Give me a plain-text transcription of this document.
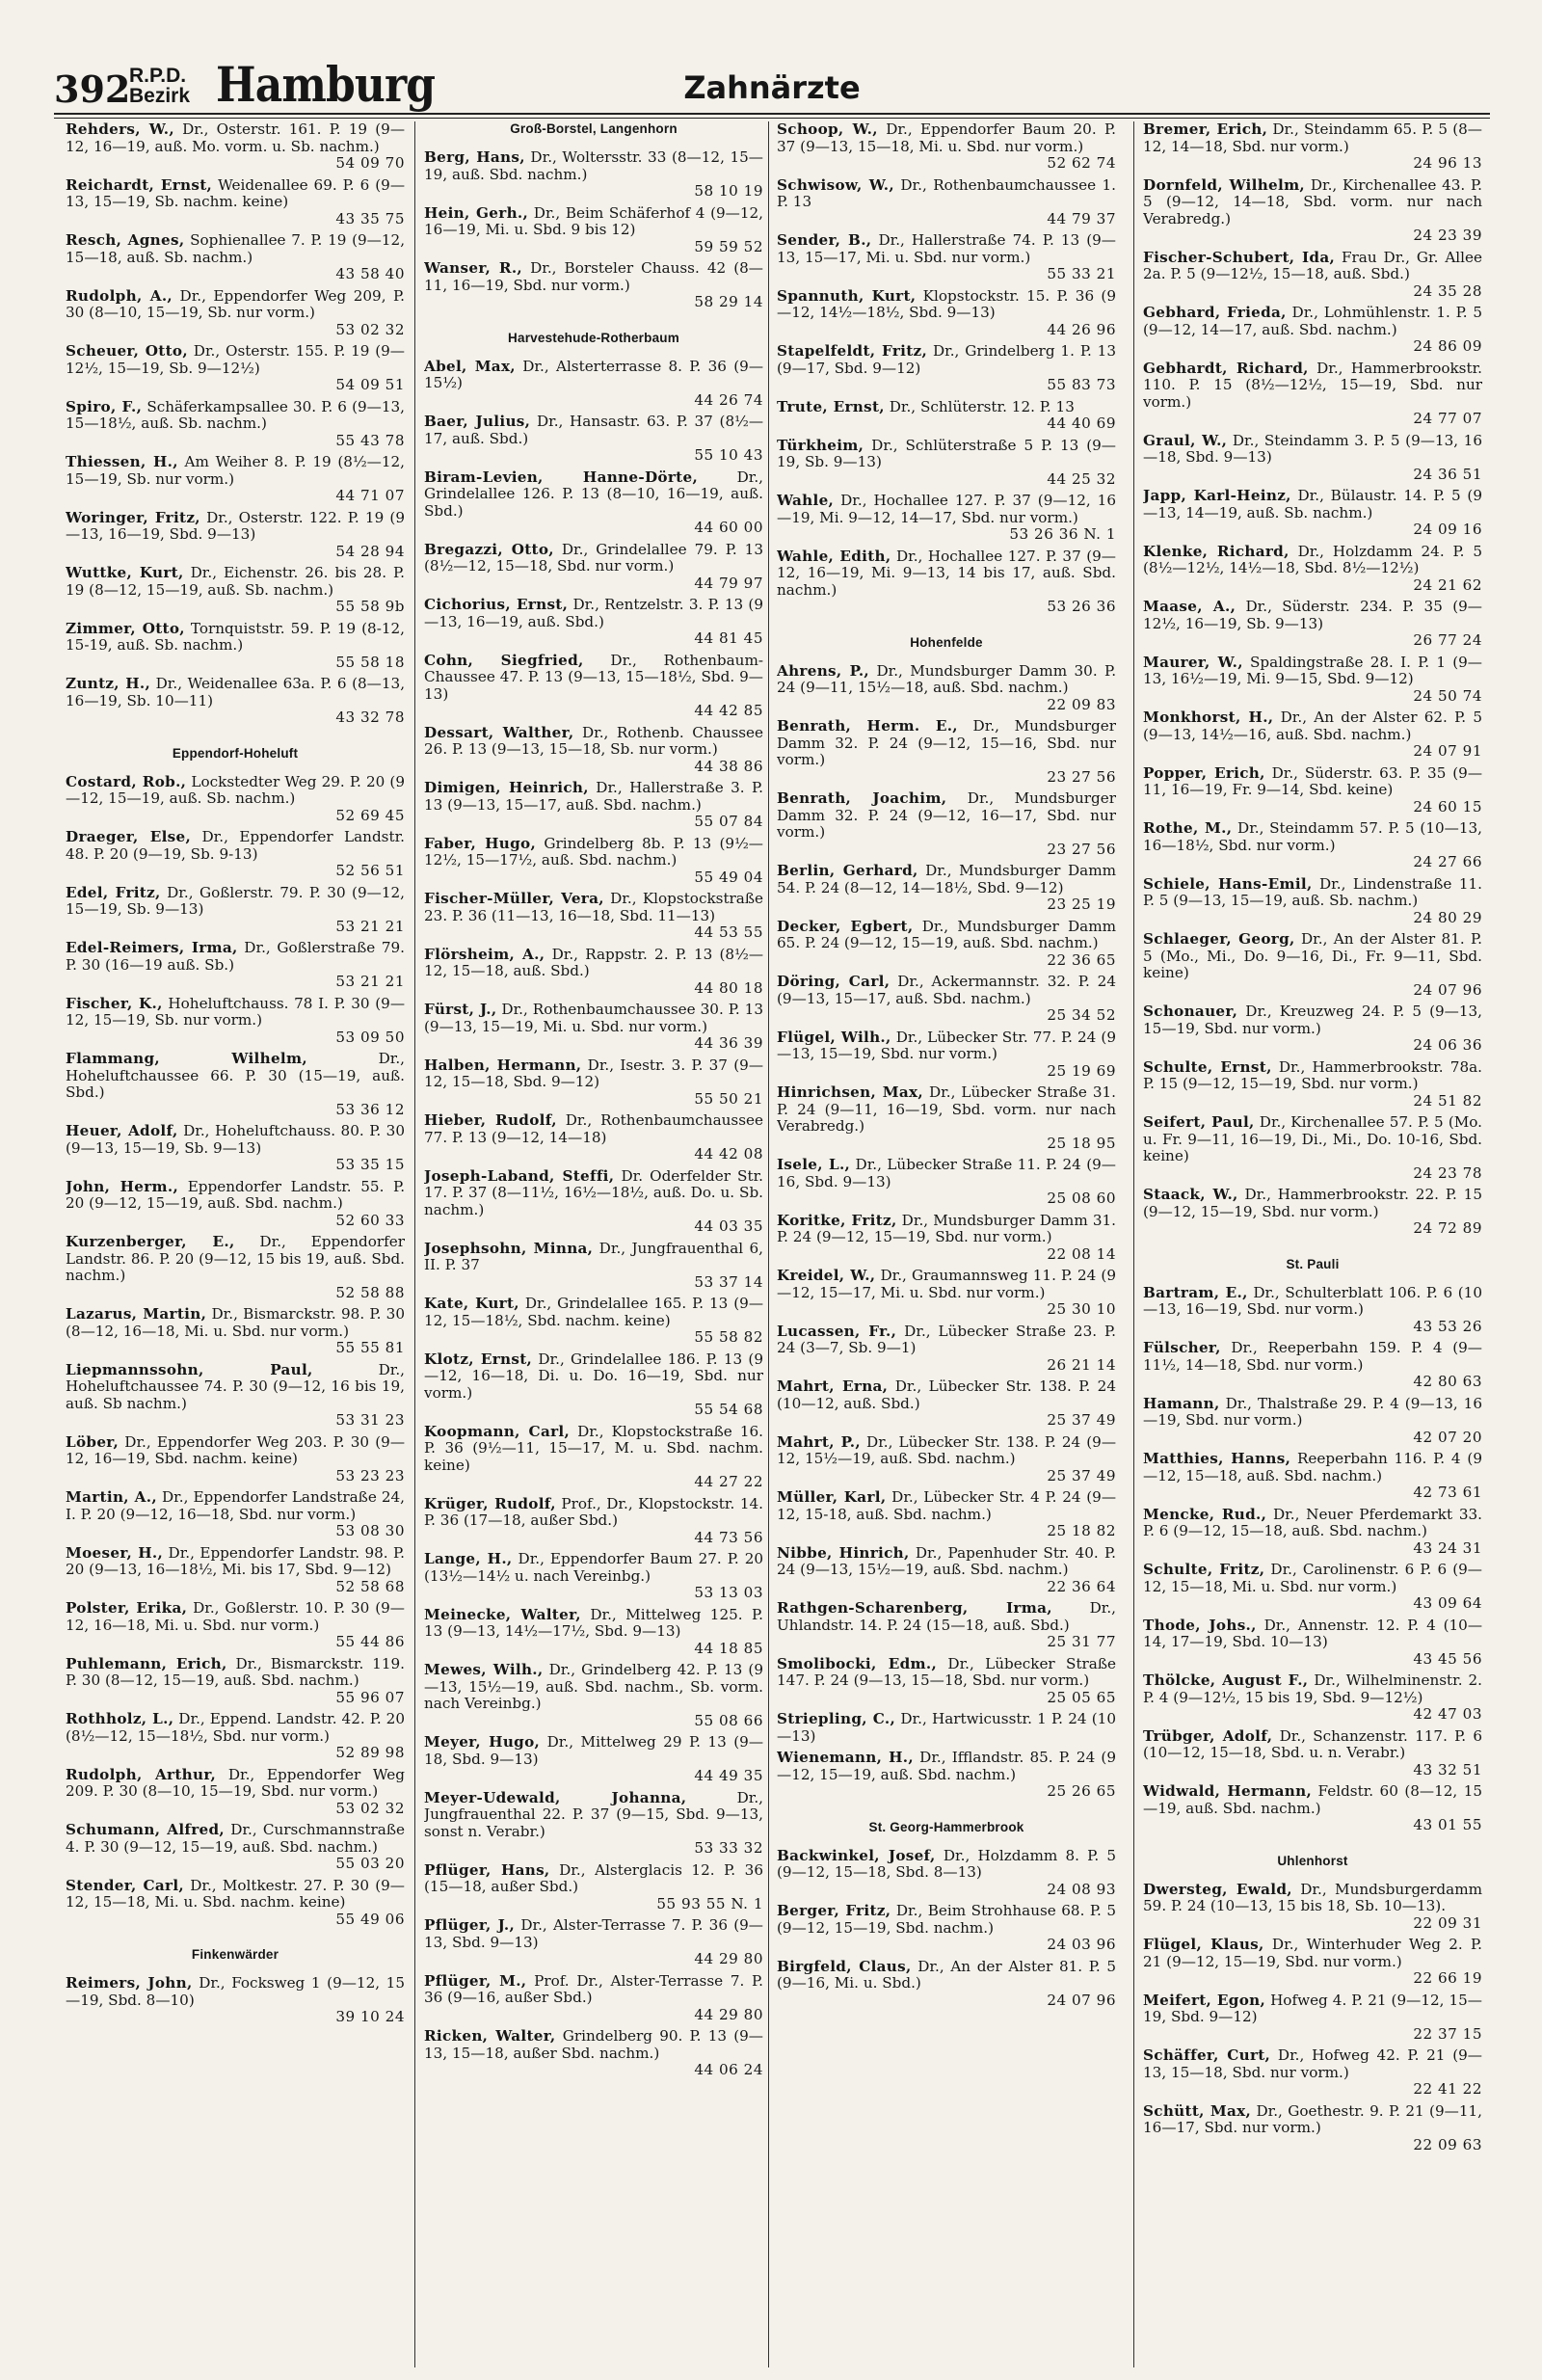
392
R.P.D.
Bezirk Hamburg	Zahnärzte
Rehders, W., Dr., Osterstr. 161. P. 19 (9—12, 16—19, auß. Mo. vorm. u. Sb. nachm.)
54 09 70
Reichardt, Ernst, Weidenallee 69. P. 6 (9—13, 15—19, Sb. nachm. keine)
43 35 75
Resch, Agnes, Sophienallee 7. P. 19 (9—12, 15—18, auß. Sb. nachm.)
43 58 40
Rudolph, A., Dr., Eppendorfer Weg 209, P. 30 (8—10, 15—19, Sb. nur vorm.)
53 02 32
Scheuer, Otto, Dr., Osterstr. 155. P. 19 (9—12½, 15—19, Sb. 9—12½)
54 09 51
Spiro, F., Schäferkampsallee 30. P. 6 (9—13, 15—18½, auß. Sb. nachm.)
55 43 78
Thiessen, H., Am Weiher 8. P. 19 (8½—12, 15—19, Sb. nur vorm.)
44 71 07
Woringer, Fritz, Dr., Osterstr. 122. P. 19 (9—13, 16—19, Sbd. 9—13)
54 28 94
Wuttke, Kurt, Dr., Eichenstr. 26. bis 28. P. 19 (8—12, 15—19, auß. Sb. nachm.)
55 58 9b
Zimmer, Otto, Tornquiststr. 59. P. 19 (8-12, 15-19, auß. Sb. nachm.)
55 58 18
Zuntz, H., Dr., Weidenallee 63a. P. 6 (8—13, 16—19, Sb. 10—11)
43 32 78
Eppendorf-Hoheluft
Costard, Rob., Lockstedter Weg 29. P. 20 (9—12, 15—19, auß. Sb. nachm.)
52 69 45
Draeger, Else, Dr., Eppendorfer Landstr. 48. P. 20 (9—19, Sb. 9-13)
52 56 51
Edel, Fritz, Dr., Goßlerstr. 79. P. 30 (9—12, 15—19, Sb. 9—13)
53 21 21
Edel-Reimers, Irma, Dr., Goßlerstraße 79. P. 30 (16—19 auß. Sb.)
53 21 21
Fischer, K., Hoheluftchauss. 78 I. P. 30 (9—12, 15—19, Sb. nur vorm.)
53 09 50
Flammang, Wilhelm,	Dr., Hoheluftchaussee 66. P. 30 (15—19, auß. Sbd.)
53 36 12
Heuer, Adolf, Dr., Hoheluftchauss. 80. P. 30 (9—13, 15—19, Sb. 9—13)
53 35 15
John, Herm., Eppendorfer Landstr. 55. P. 20 (9—12, 15—19, auß. Sbd. nachm.)
52 60 33
Kurzenberger, E., Dr., Eppendorfer Landstr. 86. P. 20 (9—12, 15 bis 19, auß. Sbd. nachm.)
52 58 88
Lazarus, Martin, Dr., Bismarckstr. 98. P. 30 (8—12, 16—18, Mi. u. Sbd. nur vorm.)
55 55 81
Liepmannssohn, Paul,	Dr., Hoheluftchaussee 74. P. 30 (9—12, 16 bis 19, auß. Sb nachm.)
53 31 23
Löber, Dr., Eppendorfer Weg 203. P. 30 (9—12, 16—19, Sbd. nachm. keine)
53 23 23
Martin, A., Dr., Eppendorfer Landstraße 24, I. P. 20 (9—12, 16—18, Sbd. nur vorm.)
53 08 30
Moeser, H., Dr., Eppendorfer Landstr. 98. P. 20 (9—13, 16—18½, Mi. bis 17, Sbd. 9—12)
52 58 68
Polster, Erika, Dr., Goßlerstr. 10. P. 30 (9—12, 16—18, Mi. u. Sbd. nur vorm.)
55 44 86
Puhlemann, Erich, Dr., Bismarckstr. 119. P. 30 (8—12, 15—19, auß. Sbd. nachm.)
55 96 07
Rothholz, L., Dr., Eppend. Landstr. 42. P. 20 (8½—12, 15—18½, Sbd. nur vorm.)
52 89 98
Rudolph, Arthur, Dr., Eppendorfer Weg 209. P. 30 (8—10, 15—19, Sbd. nur vorm.)
53 02 32
Schumann, Alfred, Dr., Curschmannstraße 4. P. 30 (9—12, 15—19, auß. Sbd. nachm.)
55 03 20
Stender, Carl, Dr., Moltkestr. 27. P. 30 (9—12, 15—18, Mi. u. Sbd. nachm. keine)
55 49 06
Finkenwärder
Reimers, John, Dr., Focksweg 1 (9—12, 15—19, Sbd. 8—10)
39 10 24
Groß-Borstel, Langenhorn
Berg, Hans, Dr., Woltersstr. 33 (8—12, 15—19, auß. Sbd. nachm.)
58 10 19
Hein, Gerh., Dr., Beim Schäferhof 4 (9—12, 16—19, Mi. u. Sbd. 9 bis 12)
59 59 52
Wanser, R., Dr., Borsteler Chauss. 42 (8—11, 16—19, Sbd. nur vorm.)
58 29 14
Harvestehude-Rotherbaum
Abel, Max, Dr., Alsterterrasse 8. P. 36 (9—15½)
44 26 74
Baer, Julius, Dr., Hansastr. 63. P. 37 (8½—17, auß. Sbd.)
55 10 43
Biram-Levien, Hanne-Dörte,	Dr., Grindelallee 126. P. 13 (8—10, 16—19, auß. Sbd.)
44 60 00
Bregazzi, Otto, Dr., Grindelallee 79. P. 13 (8½—12, 15—18, Sbd. nur vorm.)
44 79 97
Cichorius, Ernst, Dr., Rentzelstr. 3. P. 13 (9—13, 16—19, auß. Sbd.)
44 81 45
Cohn, Siegfried, Dr., Rothenbaum-Chaussee 47. P. 13 (9—13, 15—18½, Sbd. 9—13)
44 42 85
Dessart, Walther, Dr., Rothenb. Chaussee 26. P. 13 (9—13, 15—18, Sb. nur vorm.)
44 38 86
Dimigen, Heinrich, Dr., Hallerstraße 3. P. 13 (9—13, 15—17, auß. Sbd. nachm.)
55 07 84
Faber, Hugo, Grindelberg 8b. P. 13 (9½—12½, 15—17½, auß. Sbd. nachm.)
55 49 04
Fischer-Müller, Vera, Dr., Klopstockstraße 23. P. 36 (11—13, 16—18, Sbd. 11—13)
44 53 55
Flörsheim, A., Dr., Rappstr. 2. P. 13 (8½—12, 15—18, auß. Sbd.)
44 80 18
Fürst, J., Dr., Rothenbaumchaussee 30. P. 13 (9—13, 15—19, Mi. u. Sbd. nur vorm.)
44 36 39
Halben, Hermann, Dr., Isestr. 3. P. 37 (9—12, 15—18, Sbd. 9—12)
55 50 21
Hieber, Rudolf, Dr., Rothenbaumchaussee 77. P. 13 (9—12, 14—18)
44 42 08
Joseph-Laband, Steffi, Dr. Oderfelder Str. 17. P. 37 (8—11½, 16½—18½, auß. Do. u. Sb. nachm.)
44 03 35
Josephsohn, Minna, Dr., Jungfrauenthal 6, II. P. 37
53 37 14
Kate, Kurt, Dr., Grindelallee 165. P. 13 (9—12, 15—18½, Sbd. nachm. keine)
55 58 82
Klotz, Ernst, Dr., Grindelallee 186. P. 13 (9—12, 16—18, Di. u. Do. 16—19, Sbd. nur vorm.)
55 54 68
Koopmann, Carl, Dr., Klopstockstraße 16. P. 36 (9½—11, 15—17, M. u. Sbd. nachm. keine)
44 27 22
Krüger, Rudolf, Prof., Dr., Klopstockstr. 14. P. 36 (17—18, außer Sbd.)
44 73 56
Lange, H., Dr., Eppendorfer Baum 27. P. 20 (13½—14½ u. nach Vereinbg.)
53 13 03
Meinecke, Walter, Dr., Mittelweg 125. P. 13 (9—13, 14½—17½, Sbd. 9—13)
44 18 85
Mewes, Wilh., Dr., Grindelberg 42. P. 13 (9—13, 15½—19, auß. Sbd. nachm., Sb. vorm. nach Vereinbg.)
55 08 66
Meyer, Hugo, Dr., Mittelweg 29 P. 13 (9—18, Sbd. 9—13)
44 49 35
Meyer-Udewald, Johanna,	Dr., Jungfrauenthal 22. P. 37 (9—15, Sbd. 9—13, sonst n. Verabr.)
53 33 32
Pflüger, Hans, Dr., Alsterglacis 12. P. 36 (15—18, außer Sbd.)
55 93 55 N. 1
Pflüger, J., Dr., Alster-Terrasse 7. P. 36 (9—13, Sbd. 9—13)
44 29 80
Pflüger, M., Prof. Dr., Alster-Terrasse 7. P. 36 (9—16, außer Sbd.)
44 29 80
Ricken, Walter, Grindelberg 90. P. 13 (9—13, 15—18, außer Sbd. nachm.)
44 06 24
Schoop, W., Dr., Eppendorfer Baum 20. P. 37 (9—13, 15—18, Mi. u. Sbd. nur vorm.)
52 62 74
Schwisow, W., Dr., Rothenbaumchaussee 1. P. 13
44 79 37
Sender, B., Dr., Hallerstraße 74. P. 13 (9—13, 15—17, Mi. u. Sbd. nur vorm.)
55 33 21
Spannuth, Kurt, Klopstockstr. 15. P. 36 (9—12, 14½—18½, Sbd. 9—13)
44 26 96
Stapelfeldt, Fritz, Dr., Grindelberg 1. P. 13 (9—17, Sbd. 9—12)
55 83 73
Trute, Ernst, Dr., Schlüterstr. 12. P. 13
44 40 69
Türkheim, Dr., Schlüterstraße 5 P. 13 (9—19, Sb. 9—13)
44 25 32
Wahle, Dr., Hochallee 127. P. 37 (9—12, 16—19, Mi. 9—12, 14—17, Sbd. nur vorm.)
53 26 36 N. 1
Wahle, Edith, Dr., Hochallee 127. P. 37 (9—12, 16—19, Mi. 9—13, 14 bis 17, auß. Sbd. nachm.)
53 26 36
Hohenfelde
Ahrens, P., Dr., Mundsburger Damm 30. P. 24 (9—11, 15½—18, auß. Sbd. nachm.)
22 09 83
Benrath, Herm. E., Dr., Mundsburger Damm 32. P. 24 (9—12, 15—16, Sbd. nur vorm.)
23 27 56
Benrath, Joachim, Dr., Mundsburger Damm 32. P. 24 (9—12, 16—17, Sbd. nur vorm.)
23 27 56
Berlin, Gerhard, Dr., Mundsburger Damm 54. P. 24 (8—12, 14—18½, Sbd. 9—12)
23 25 19
Decker, Egbert, Dr., Mundsburger Damm 65. P. 24 (9—12, 15—19, auß. Sbd. nachm.)
22 36 65
Döring, Carl, Dr., Ackermannstr. 32. P. 24 (9—13, 15—17, auß. Sbd. nachm.)
25 34 52
Flügel, Wilh., Dr., Lübecker Str. 77. P. 24 (9—13, 15—19, Sbd. nur vorm.)
25 19 69
Hinrichsen, Max, Dr., Lübecker Straße 31. P. 24 (9—11, 16—19, Sbd. vorm. nur nach Verabredg.)
25 18 95
Isele, L., Dr., Lübecker Straße 11. P. 24 (9—16, Sbd. 9—13)
25 08 60
Koritke, Fritz, Dr., Mundsburger Damm 31. P. 24 (9—12, 15—19, Sbd. nur vorm.)
22 08 14
Kreidel, W., Dr., Graumannsweg 11. P. 24 (9—12, 15—17, Mi. u. Sbd. nur vorm.)
25 30 10
Lucassen, Fr., Dr., Lübecker Straße 23. P. 24 (3—7, Sb. 9—1)
26 21 14
Mahrt, Erna, Dr., Lübecker Str. 138. P. 24 (10—12, auß. Sbd.)
25 37 49
Mahrt, P., Dr., Lübecker Str. 138. P. 24 (9—12, 15½—19, auß. Sbd. nachm.)
25 37 49
Müller, Karl, Dr., Lübecker Str. 4 P. 24 (9—12, 15-18, auß. Sbd. nachm.)
25 18 82
Nibbe, Hinrich, Dr., Papenhuder Str. 40. P. 24 (9—13, 15½—19, auß. Sbd. nachm.)
22 36 64
Rathgen-Scharenberg, Irma,	Dr., Uhlandstr. 14. P. 24 (15—18, auß. Sbd.)
25 31 77
Smolibocki, Edm., Dr., Lübecker Straße 147. P. 24 (9—13, 15—18, Sbd. nur vorm.)
25 05 65
Striepling, C., Dr., Hartwicusstr. 1 P. 24 (10—13)
Wienemann, H., Dr., Ifflandstr. 85. P. 24 (9—12, 15—19, auß. Sbd. nachm.)
25 26 65
St. Georg-Hammerbrook
Backwinkel, Josef, Dr., Holzdamm 8. P. 5 (9—12, 15—18, Sbd. 8—13)
24 08 93
Berger, Fritz, Dr., Beim Strohhause 68. P. 5 (9—12, 15—19, Sbd. nachm.)
24 03 96
Birgfeld, Claus, Dr., An der Alster 81. P. 5 (9—16, Mi. u. Sbd.)
24 07 96
Bremer, Erich, Dr., Steindamm 65. P. 5 (8—12, 14—18, Sbd. nur vorm.)
24 96 13
Dornfeld, Wilhelm, Dr., Kirchenallee 43. P. 5 (9—12, 14—18, Sbd. vorm. nur nach Verabredg.)
24 23 39
Fischer-Schubert, Ida, Frau Dr., Gr. Allee 2a. P. 5 (9—12½, 15—18, auß. Sbd.)
24 35 28
Gebhard, Frieda, Dr., Lohmühlenstr. 1. P. 5 (9—12, 14—17, auß. Sbd. nachm.)
24 86 09
Gebhardt, Richard, Dr., Hammerbrookstr. 110. P. 15 (8½—12½, 15—19, Sbd. nur vorm.)
24 77 07
Graul, W., Dr., Steindamm 3. P. 5 (9—13, 16—18, Sbd. 9—13)
24 36 51
Japp, Karl-Heinz, Dr., Bülaustr. 14. P. 5 (9—13, 14—19, auß. Sb. nachm.)
24 09 16
Klenke, Richard, Dr., Holzdamm 24. P. 5 (8½—12½, 14½—18, Sbd. 8½—12½)
24 21 62
Maase, A., Dr., Süderstr. 234. P. 35 (9—12½, 16—19, Sb. 9—13)
26 77 24
Maurer, W., Spaldingstraße 28. I. P. 1 (9—13, 16½—19, Mi. 9—15, Sbd. 9—12)
24 50 74
Monkhorst, H., Dr., An der Alster 62. P. 5 (9—13, 14½—16, auß. Sbd. nachm.)
24 07 91
Popper, Erich, Dr., Süderstr. 63. P. 35 (9—11, 16—19, Fr. 9—14, Sbd. keine)
24 60 15
Rothe, M., Dr., Steindamm 57. P. 5 (10—13, 16—18½, Sbd. nur vorm.)
24 27 66
Schiele, Hans-Emil, Dr., Lindenstraße 11. P. 5 (9—13, 15—19, auß. Sb. nachm.)
24 80 29
Schlaeger, Georg, Dr., An der Alster 81. P. 5 (Mo., Mi., Do. 9—16, Di., Fr. 9—11, Sbd. keine)
24 07 96
Schonauer, Dr., Kreuzweg 24. P. 5 (9—13, 15—19, Sbd. nur vorm.)
24 06 36
Schulte, Ernst, Dr., Hammerbrookstr. 78a. P. 15 (9—12, 15—19, Sbd. nur vorm.)
24 51 82
Seifert, Paul, Dr., Kirchenallee 57. P. 5 (Mo. u. Fr. 9—11, 16—19, Di., Mi., Do. 10-16, Sbd. keine)
24 23 78
Staack, W., Dr., Hammerbrookstr. 22. P. 15 (9—12, 15—19, Sbd. nur vorm.)
24 72 89
St. Pauli
Bartram, E., Dr., Schulterblatt 106. P. 6 (10—13, 16—19, Sbd. nur vorm.)
43 53 26
Fülscher, Dr., Reeperbahn 159. P. 4 (9—11½, 14—18, Sbd. nur vorm.)
42 80 63
Hamann, Dr., Thalstraße 29. P. 4 (9—13, 16—19, Sbd. nur vorm.)
42 07 20
Matthies, Hanns, Reeperbahn 116. P. 4 (9—12, 15—18, auß. Sbd. nachm.)
42 73 61
Mencke, Rud., Dr., Neuer Pferdemarkt 33. P. 6 (9—12, 15—18, auß. Sbd. nachm.)
43 24 31
Schulte, Fritz, Dr., Carolinenstr. 6 P. 6 (9—12, 15—18, Mi. u. Sbd. nur vorm.)
43 09 64
Thode, Johs., Dr., Annenstr. 12. P. 4 (10—14, 17—19, Sbd. 10—13)
43 45 56
Thölcke, August F., Dr., Wilhelminenstr. 2. P. 4 (9—12½, 15 bis 19, Sbd. 9—12½)
42 47 03
Trübger, Adolf, Dr., Schanzenstr. 117. P. 6 (10—12, 15—18, Sbd. u. n. Verabr.)
43 32 51
Widwald, Hermann, Feldstr. 60 (8—12, 15—19, auß. Sbd. nachm.)
43 01 55
Uhlenhorst
Dwersteg, Ewald, Dr., Mundsburgerdamm 59. P. 24 (10—13, 15 bis 18, Sb. 10—13).
22 09 31
Flügel, Klaus, Dr., Winterhuder Weg 2. P. 21 (9—12, 15—19, Sbd. nur vorm.)
22 66 19
Meifert, Egon, Hofweg 4. P. 21 (9—12, 15—19, Sbd. 9—12)
22 37 15
Schäffer, Curt, Dr., Hofweg 42. P. 21 (9—13, 15—18, Sbd. nur vorm.)
22 41 22
Schütt, Max, Dr., Goethestr. 9. P. 21 (9—11, 16—17, Sbd. nur vorm.)
22 09 63
